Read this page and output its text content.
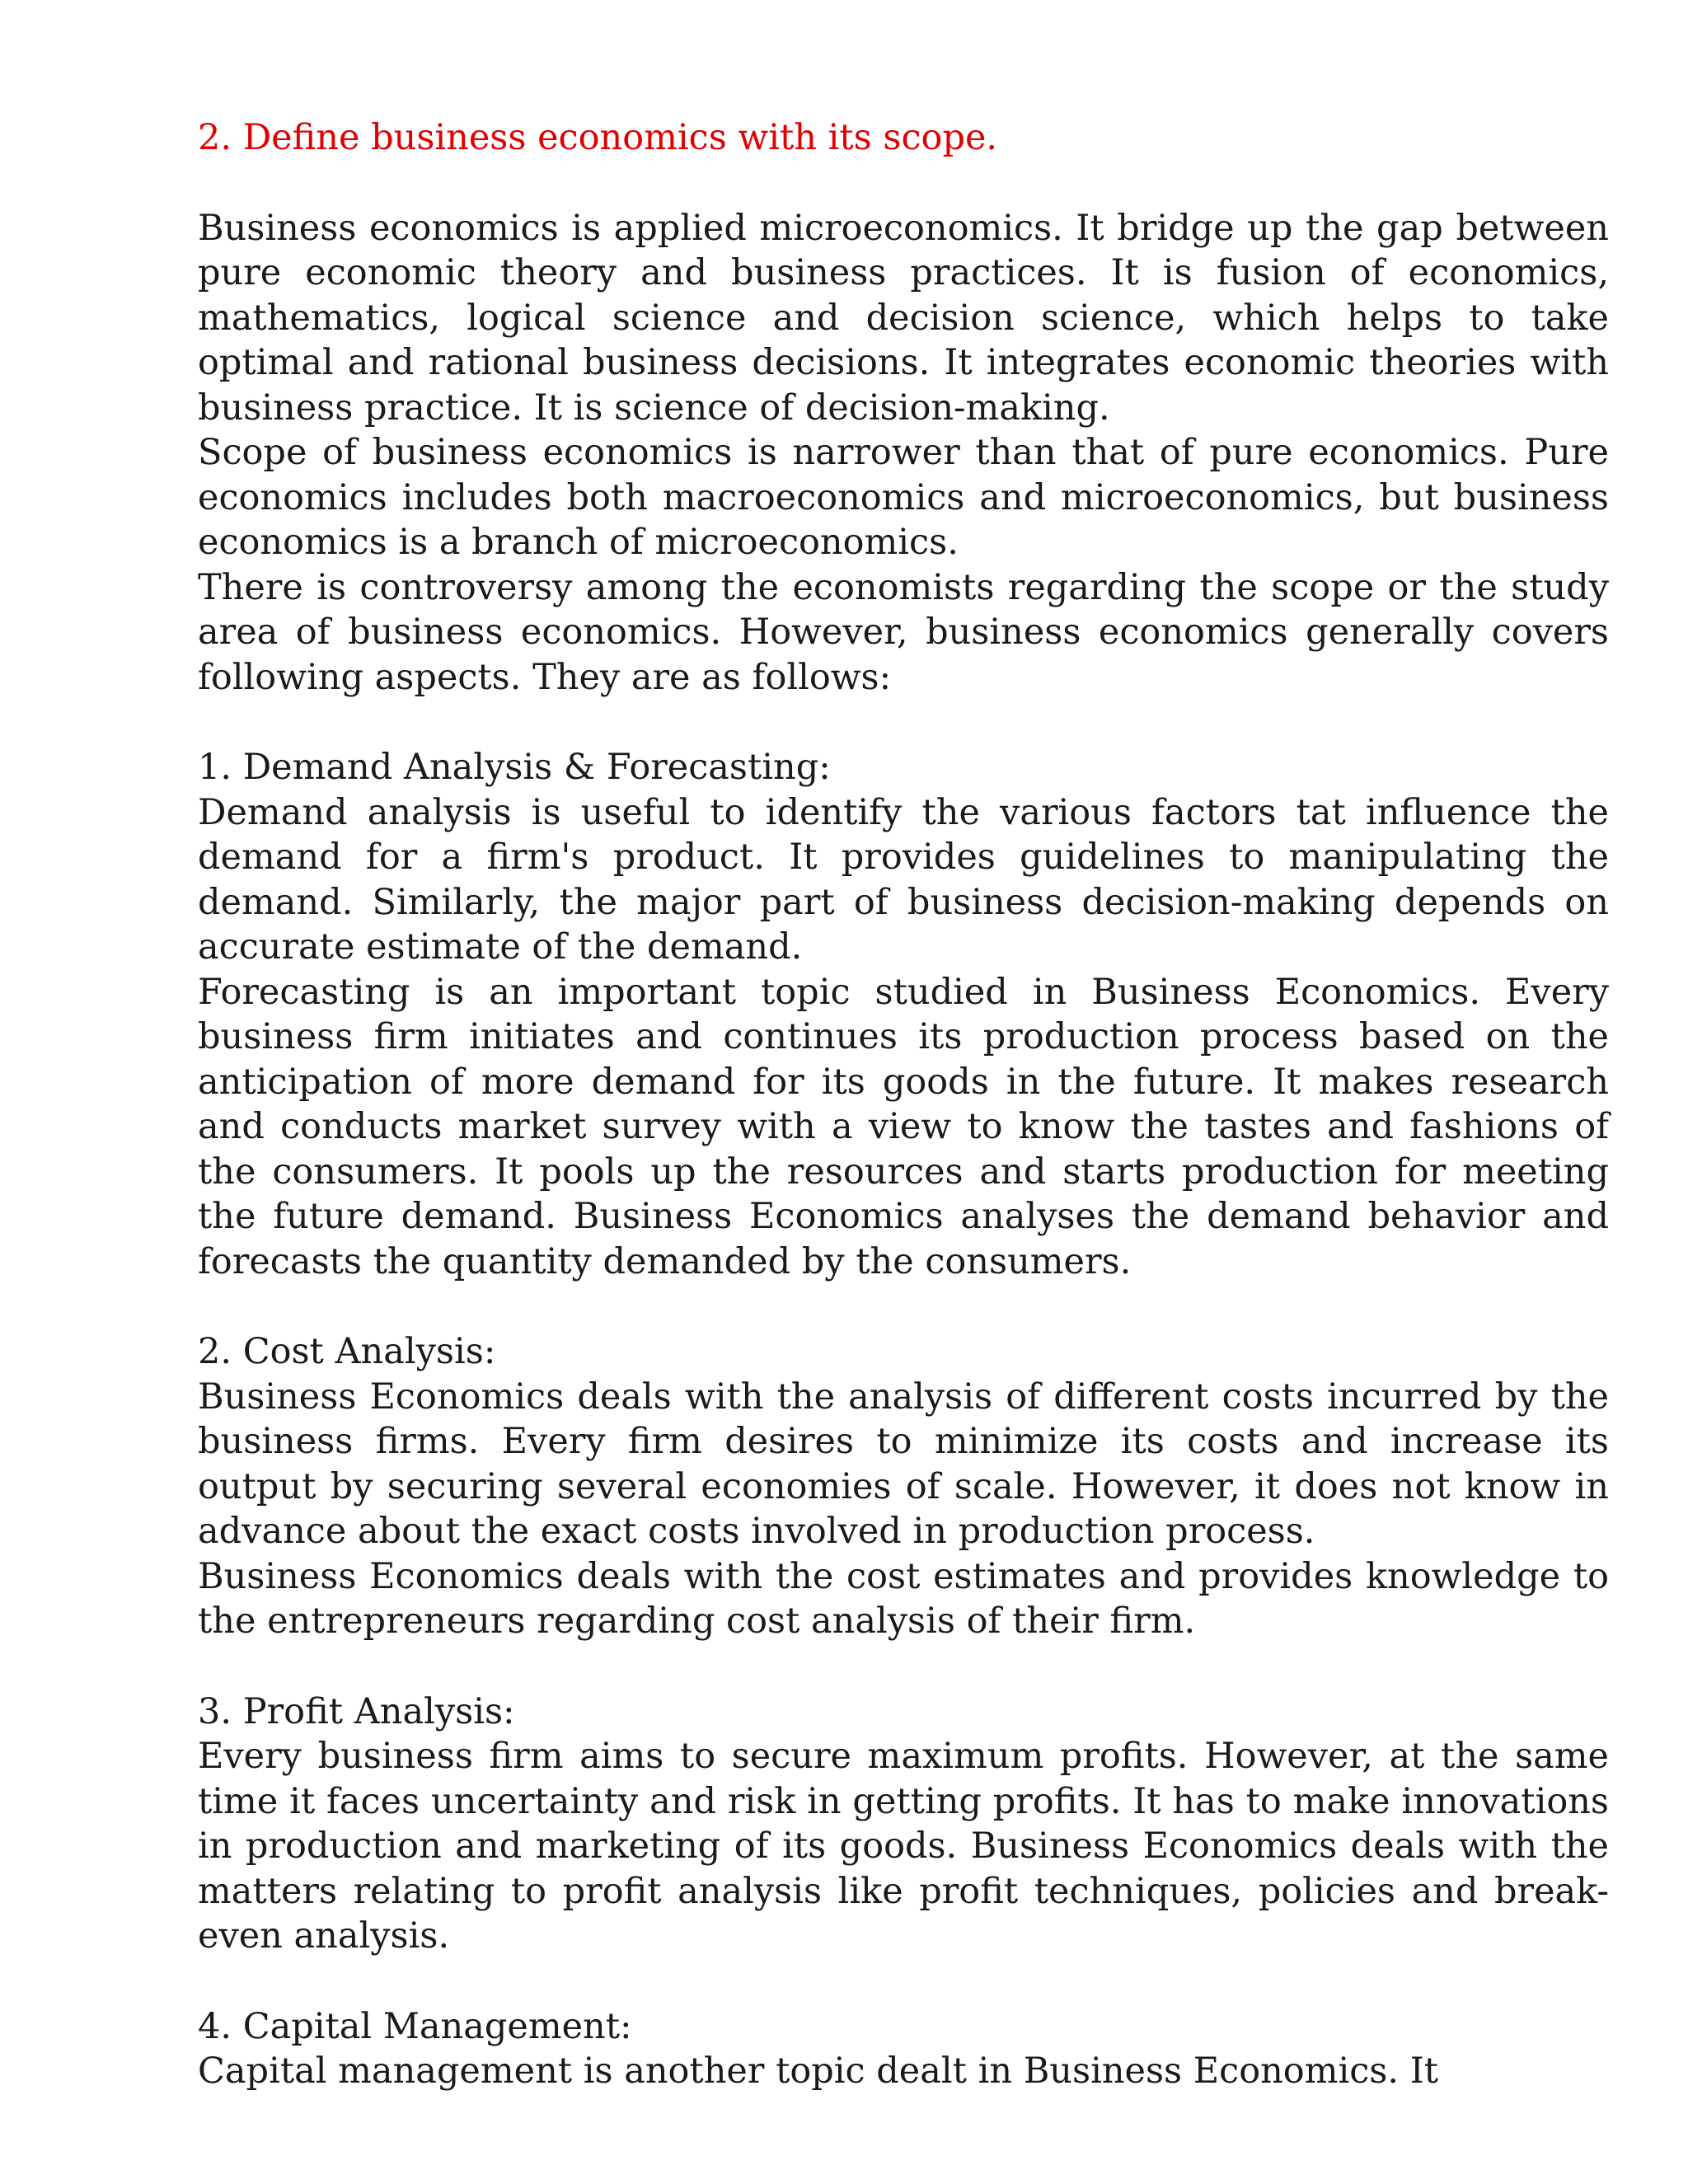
2. Define business economics with its scope.

Business economics is applied microeconomics. It bridge up the gap between pure economic theory and business practices. It is fusion of economics, mathematics, logical science and decision science, which helps to take optimal and rational business decisions. It integrates economic theories with business practice. It is science of decision-making.

Scope of business economics is narrower than that of pure economics. Pure economics includes both macroeconomics and microeconomics, but business economics is a branch of microeconomics.

There is controversy among the economists regarding the scope or the study area of business economics. However, business economics generally covers following aspects. They are as follows:

1. Demand Analysis & Forecasting:

Demand analysis is useful to identify the various factors tat influence the demand for a firm's product. It provides guidelines to manipulating the demand. Similarly, the major part of business decision-making depends on accurate estimate of the demand.

Forecasting is an important topic studied in Business Economics. Every business firm initiates and continues its production process based on the anticipation of more demand for its goods in the future. It makes research and conducts market survey with a view to know the tastes and fashions of the consumers. It pools up the resources and starts production for meeting the future demand. Business Economics analyses the demand behavior and forecasts the quantity demanded by the consumers.

2. Cost Analysis:

Business Economics deals with the analysis of different costs incurred by the business firms. Every firm desires to minimize its costs and increase its output by securing several economies of scale. However, it does not know in advance about the exact costs involved in production process.

Business Economics deals with the cost estimates and provides knowledge to the entrepreneurs regarding cost analysis of their firm.

3. Profit Analysis:

Every business firm aims to secure maximum profits. However, at the same time it faces uncertainty and risk in getting profits. It has to make innovations in production and marketing of its goods. Business Economics deals with the matters relating to profit analysis like profit techniques, policies and break-even analysis.

4. Capital Management:

Capital management is another topic dealt in Business Economics. It
